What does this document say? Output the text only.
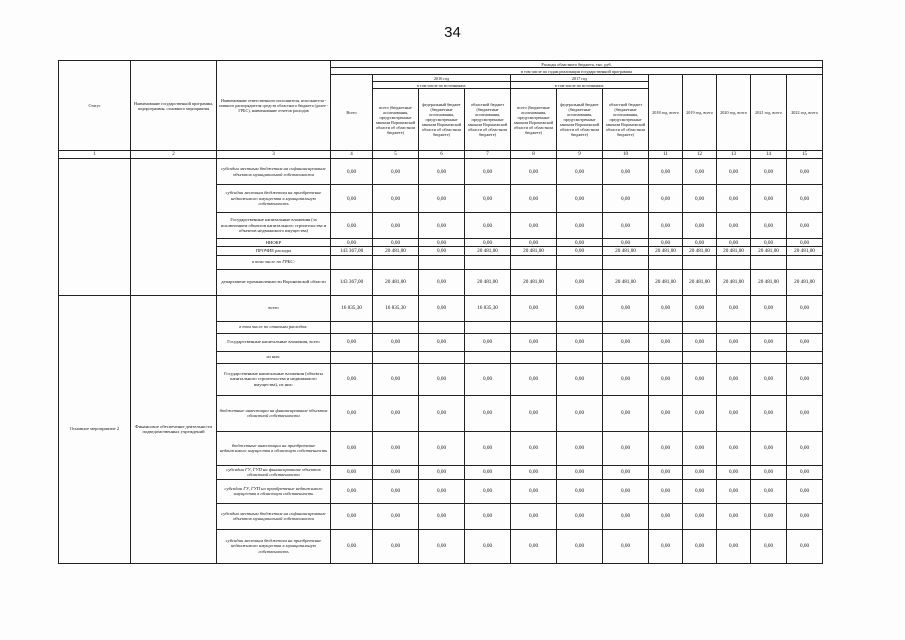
34
Статус	Наименование государственной программы, подпрограммы, основного мероприятия	Наименование ответственного исполнителя, исполнителя - главного распорядителя средств областного бюджета (далее - ГРБС), наименование отчетов расходов	Расходы областного бюджета, тыс. руб.											
			в том числе по годам реализации государственной программы											
			Всего	2016 год			2017 год			2018 год, всего	2019 год, всего	2020 год, всего	2021 год, всего	2022 год, всего
				в том числе по источникам:			в том числе по источникам:							
				всего (бюджетные ассигнования, предусмотренные законом Воронежской области об областном бюджете)	федеральный бюджет (бюджетные ассигнования, предусмотренные законом Воронежской области об областном бюджете)	областной бюджет (бюджетные ассигнования, предусмотренные законом Воронежской области об областном бюджете)	всего (бюджетные ассигнования, предусмотренные законом Воронежской области об областном бюджете)	федеральный бюджет (бюджетные ассигнования, предусмотренные законом Воронежской области об областном бюджете)	областной бюджет (бюджетные ассигнования, предусмотренные законом Воронежской области об областном бюджете)					
1	2	3	4	5	6	7	8	9	10	11	12	13	14	15
		субсидии местным бюджетам на софинансирование объектов муниципальной собственности	0,00	0,00	0,00	0,00	0,00	0,00	0,00	0,00	0,00	0,00	0,00	0,00
		субсидии местным бюджетам на приобретение недвижимого имущества в муниципальную собственность	0,00	0,00	0,00	0,00	0,00	0,00	0,00	0,00	0,00	0,00	0,00	0,00
		Государственные капитальные вложения (за исключением объектов капитального строительства и объектов недвижимого имущества)	0,00	0,00	0,00	0,00	0,00	0,00	0,00	0,00	0,00	0,00	0,00	0,00
		НИОКР	0,00	0,00	0,00	0,00	0,00	0,00	0,00	0,00	0,00	0,00	0,00	0,00
		ПРОЧИЕ расходы	143 367,00	20 481,00	0,00	20 481,00	20 481,00	0,00	20 481,00	20 481,00	20 481,00	20 481,00	20 481,00	20 481,00
		в том числе по ГРБС:												
		департамент промышленности Воронежской области	143 367,00	20 481,00	0,00	20 481,00	20 481,00	0,00	20 481,00	20 481,00	20 481,00	20 481,00	20 481,00	20 481,00
Основное мероприятие 2	Финансовое обеспечение деятельности подведомственных учреждений	всего	16 835,30	16 835,30	0,00	16 835,30	0,00	0,00	0,00	0,00	0,00	0,00	0,00	0,00
		в том числе по статьям расходов:												
		Государственные капитальные вложения, всего	0,00	0,00	0,00	0,00	0,00	0,00	0,00	0,00	0,00	0,00	0,00	0,00
		из них:												
		Государственные капитальные вложения (объекты капитального строительства и недвижимого имущества), из них:	0,00	0,00	0,00	0,00	0,00	0,00	0,00	0,00	0,00	0,00	0,00	0,00
		бюджетные инвестиции на финансирование объектов областной собственности	0,00	0,00	0,00	0,00	0,00	0,00	0,00	0,00	0,00	0,00	0,00	0,00
		бюджетные инвестиции на приобретение недвижимого имущества в областную собственность	0,00	0,00	0,00	0,00	0,00	0,00	0,00	0,00	0,00	0,00	0,00	0,00
		субсидии ГУ, ГУП на финансирование объектов областной собственности	0,00	0,00	0,00	0,00	0,00	0,00	0,00	0,00	0,00	0,00	0,00	0,00
		субсидии ГУ, ГУП на приобретение недвижимого имущества в областную собственность	0,00	0,00	0,00	0,00	0,00	0,00	0,00	0,00	0,00	0,00	0,00	0,00
		субсидии местным бюджетам на софинансирование объектов муниципальной собственности	0,00	0,00	0,00	0,00	0,00	0,00	0,00	0,00	0,00	0,00	0,00	0,00
		субсидии местным бюджетам на приобретение недвижимого имущества в муниципальную собственность	0,00	0,00	0,00	0,00	0,00	0,00	0,00	0,00	0,00	0,00	0,00	0,00
